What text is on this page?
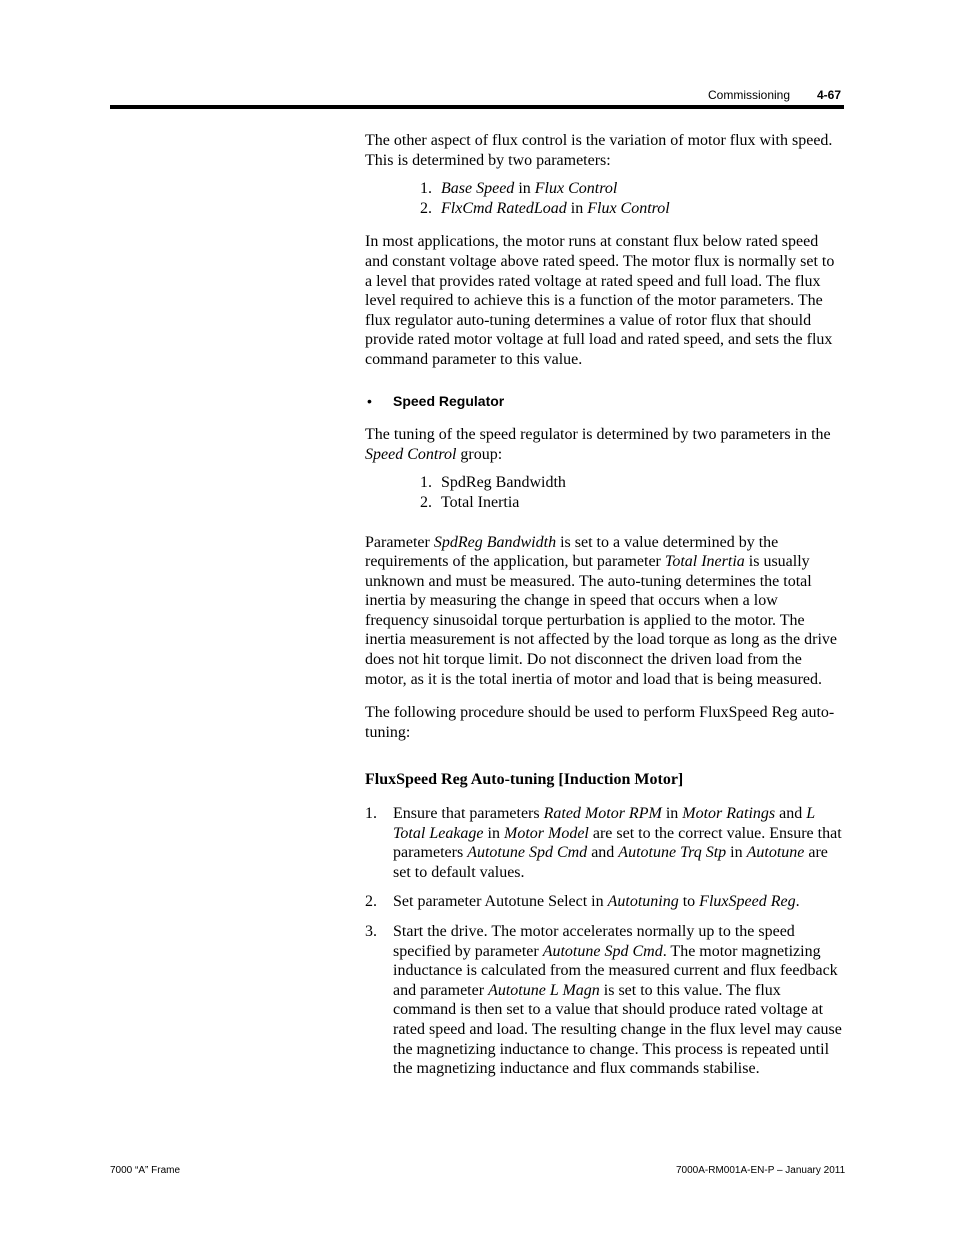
Commissioning 4-67

The other aspect of flux control is the variation of motor flux with speed. This is determined by two parameters:

1. Base Speed in Flux Control
2. FlxCmd RatedLoad in Flux Control

In most applications, the motor runs at constant flux below rated speed and constant voltage above rated speed. The motor flux is normally set to a level that provides rated voltage at rated speed and full load. The flux level required to achieve this is a function of the motor parameters. The flux regulator auto-tuning determines a value of rotor flux that should provide rated motor voltage at full load and rated speed, and sets the flux command parameter to this value.

• Speed Regulator

The tuning of the speed regulator is determined by two parameters in the Speed Control group:

1. SpdReg Bandwidth
2. Total Inertia

Parameter SpdReg Bandwidth is set to a value determined by the requirements of the application, but parameter Total Inertia is usually unknown and must be measured. The auto-tuning determines the total inertia by measuring the change in speed that occurs when a low frequency sinusoidal torque perturbation is applied to the motor. The inertia measurement is not affected by the load torque as long as the drive does not hit torque limit. Do not disconnect the driven load from the motor, as it is the total inertia of motor and load that is being measured.

The following procedure should be used to perform FluxSpeed Reg auto-tuning:

FluxSpeed Reg Auto-tuning [Induction Motor]

1. Ensure that parameters Rated Motor RPM in Motor Ratings and L Total Leakage in Motor Model are set to the correct value. Ensure that parameters Autotune Spd Cmd and Autotune Trq Stp in Autotune are set to default values.
2. Set parameter Autotune Select in Autotuning to FluxSpeed Reg.
3. Start the drive. The motor accelerates normally up to the speed specified by parameter Autotune Spd Cmd. The motor magnetizing inductance is calculated from the measured current and flux feedback and parameter Autotune L Magn is set to this value. The flux command is then set to a value that should produce rated voltage at rated speed and load. The resulting change in the flux level may cause the magnetizing inductance to change. This process is repeated until the magnetizing inductance and flux commands stabilise.
7000 “A” Frame	7000A-RM001A-EN-P – January 2011
